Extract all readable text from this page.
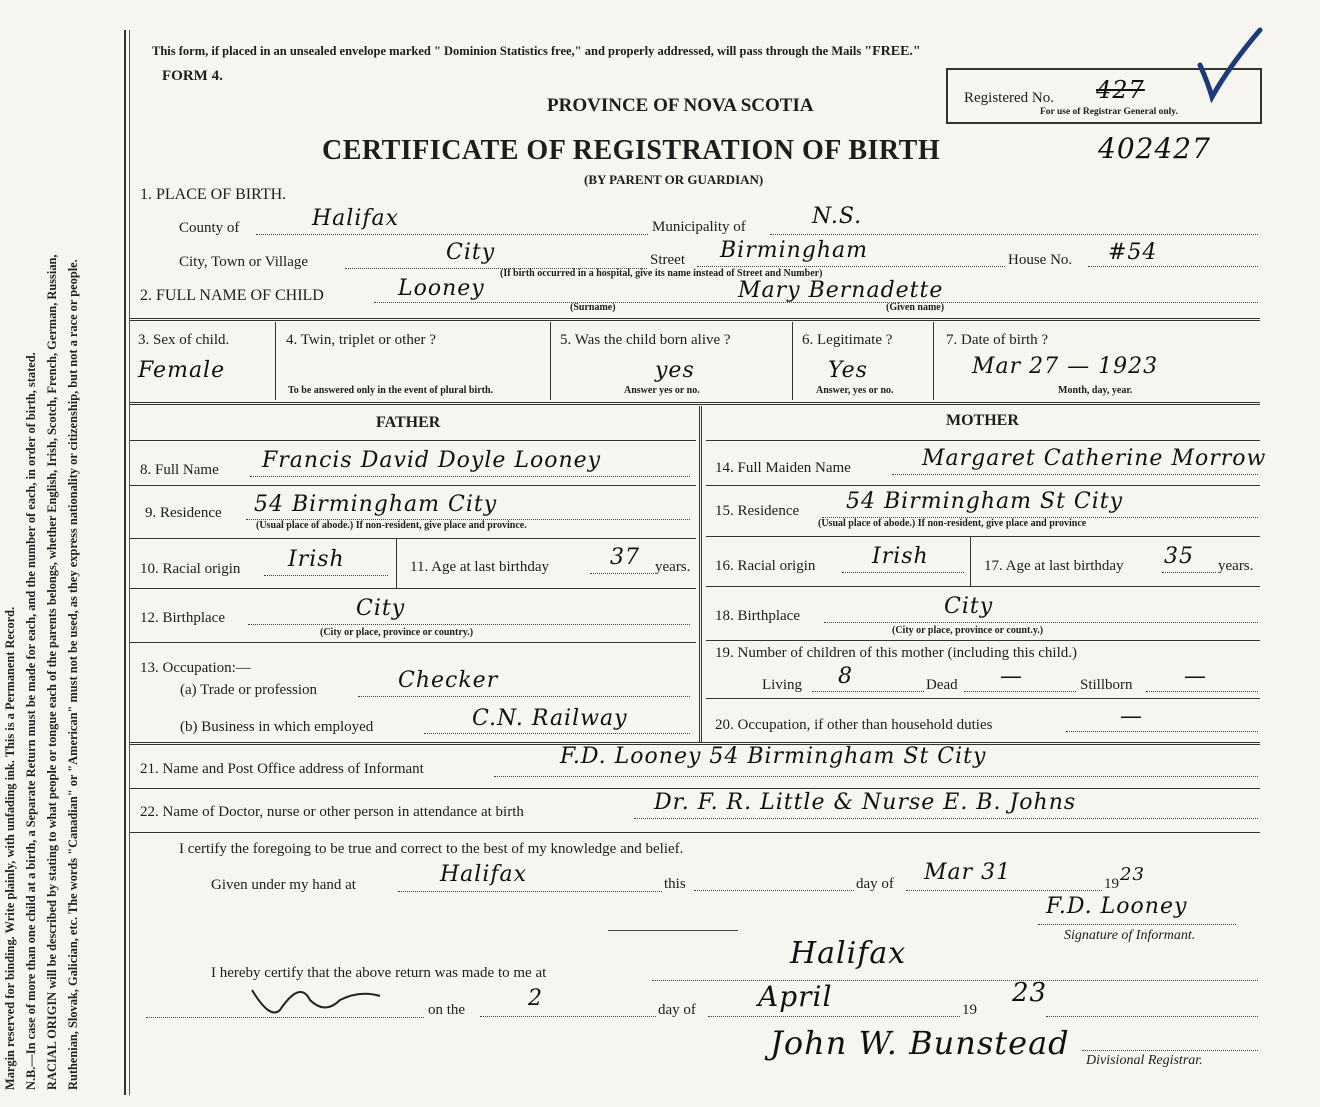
Margin reserved for binding. Write plainly, with unfading ink. This is a Permanent Record. N.B.—In case of more than one child at a birth, a Separate Return must be made for each, and the number of each, in order of birth, stated. RACIAL ORIGIN will be described by stating to what people or tongue each of the parents belongs, whether English, Irish, Scotch, French, German, Russian, Ruthenian, Slovak, Galician, etc. The words "Canadian" or "American" must not be used, as they express nationality or citizenship, but not a race or people.
This form, if placed in an unsealed envelope marked " Dominion Statistics free," and properly addressed, will pass through the Mails "FREE."
FORM 4.
Registered No. 427
For use of Registrar General only.
PROVINCE OF NOVA SCOTIA
CERTIFICATE OF REGISTRATION OF BIRTH	402427
(BY PARENT OR GUARDIAN)
1. PLACE OF BIRTH.
County of	Halifax	Municipality of	N.S.
City, Town or Village	City	Street Birmingham
(If birth occurred in a hospital, give its name instead of Street and Number)
House No. #54
2. FULL NAME OF CHILD	Looney
(Surname)
Mary Bernadette
(Given name)
3. Sex of child.
Female
4. Twin, triplet or other ?
To be answered only in the event of plural birth.
5. Was the child born alive ?
yes
Answer yes or no.
6. Legitimate ?
Yes
Answer, yes or no.
7. Date of birth ?
Mar 27 — 1923
Month, day, year.
FATHER	MOTHER
8. Full Name Francis David Doyle Looney
9. Residence 54 Birmingham City
(Usual place of abode.) If non-resident, give place and province.
10. Racial origin Irish	11. Age at last birthday	37 years.
12. Birthplace	City
(City or place, province or country.)
13. Occupation:—
(a) Trade or profession	Checker
(b) Business in which employed	C.N. Railway
14. Full Maiden Name	Margaret Catherine Morrow
15. Residence 54 Birmingham St City
(Usual place of abode.) If non-resident, give place and province
16. Racial origin	Irish	17. Age at last birthday 35 years.
18. Birthplace	City
(City or place, province or count.y.)
19. Number of children of this mother (including this child.)
Living 8	Dead —	Stillborn —
20. Occupation, if other than household duties	—
21. Name and Post Office address of Informant	F.D. Looney 54 Birmingham St City
22. Name of Doctor, nurse or other person in attendance at birth	Dr. F. R. Little & Nurse E. B. Johns
I certify the foregoing to be true and correct to the best of my knowledge and belief.
Given under my hand at	Halifax	this	day of Mar 31	19 23
F.D. Looney
Signature of Informant.
I hereby certify that the above return was made to me at
Halifax
on the	2	day of April	19
23
John W. Bunstead Divisional Registrar.
